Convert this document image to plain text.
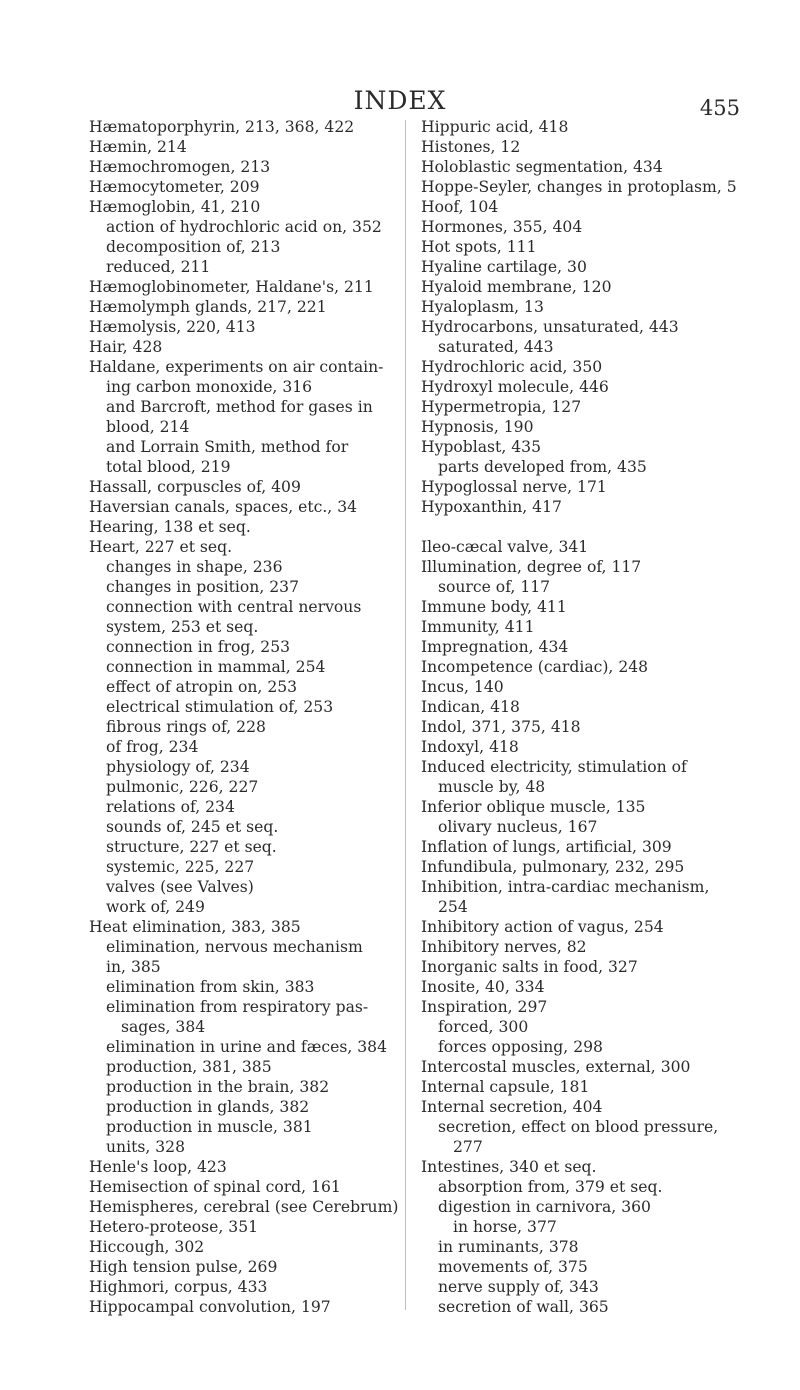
INDEX	455
Hæmatoporphyrin, 213, 368, 422
Hæmin, 214
Hæmochromogen, 213
Hæmocytometer, 209
Hæmoglobin, 41, 210
action of hydrochloric acid on, 352
decomposition of, 213
reduced, 211
Hæmoglobinometer, Haldane's, 211
Hæmolymph glands, 217, 221
Hæmolysis, 220, 413
Hair, 428
Haldane, experiments on air contain-
ing carbon monoxide, 316
and Barcroft, method for gases in
blood, 214
and Lorrain Smith, method for
total blood, 219
Hassall, corpuscles of, 409
Haversian canals, spaces, etc., 34
Hearing, 138 et seq.
Heart, 227 et seq.
changes in shape, 236
changes in position, 237
connection with central nervous
system, 253 et seq.
connection in frog, 253
connection in mammal, 254
effect of atropin on, 253
electrical stimulation of, 253
fibrous rings of, 228
of frog, 234
physiology of, 234
pulmonic, 226, 227
relations of, 234
sounds of, 245 et seq.
structure, 227 et seq.
systemic, 225, 227
valves (see Valves)
work of, 249
Heat elimination, 383, 385
elimination, nervous mechanism
in, 385
elimination from skin, 383
elimination from respiratory pas-
sages, 384
elimination in urine and fæces, 384
production, 381, 385
production in the brain, 382
production in glands, 382
production in muscle, 381
units, 328
Henle's loop, 423
Hemisection of spinal cord, 161
Hemispheres, cerebral (see Cerebrum)
Hetero-proteose, 351
Hiccough, 302
High tension pulse, 269
Highmori, corpus, 433
Hippocampal convolution, 197
Hippuric acid, 418
Histones, 12
Holoblastic segmentation, 434
Hoppe-Seyler, changes in protoplasm, 5
Hoof, 104
Hormones, 355, 404
Hot spots, 111
Hyaline cartilage, 30
Hyaloid membrane, 120
Hyaloplasm, 13
Hydrocarbons, unsaturated, 443
saturated, 443
Hydrochloric acid, 350
Hydroxyl molecule, 446
Hypermetropia, 127
Hypnosis, 190
Hypoblast, 435
parts developed from, 435
Hypoglossal nerve, 171
Hypoxanthin, 417
Ileo-cæcal valve, 341
Illumination, degree of, 117
source of, 117
Immune body, 411
Immunity, 411
Impregnation, 434
Incompetence (cardiac), 248
Incus, 140
Indican, 418
Indol, 371, 375, 418
Indoxyl, 418
Induced electricity, stimulation of
muscle by, 48
Inferior oblique muscle, 135
olivary nucleus, 167
Inflation of lungs, artificial, 309
Infundibula, pulmonary, 232, 295
Inhibition, intra-cardiac mechanism,
254
Inhibitory action of vagus, 254
Inhibitory nerves, 82
Inorganic salts in food, 327
Inosite, 40, 334
Inspiration, 297
forced, 300
forces opposing, 298
Intercostal muscles, external, 300
Internal capsule, 181
Internal secretion, 404
secretion, effect on blood pressure,
277
Intestines, 340 et seq.
absorption from, 379 et seq.
digestion in carnivora, 360
in horse, 377
in ruminants, 378
movements of, 375
nerve supply of, 343
secretion of wall, 365
